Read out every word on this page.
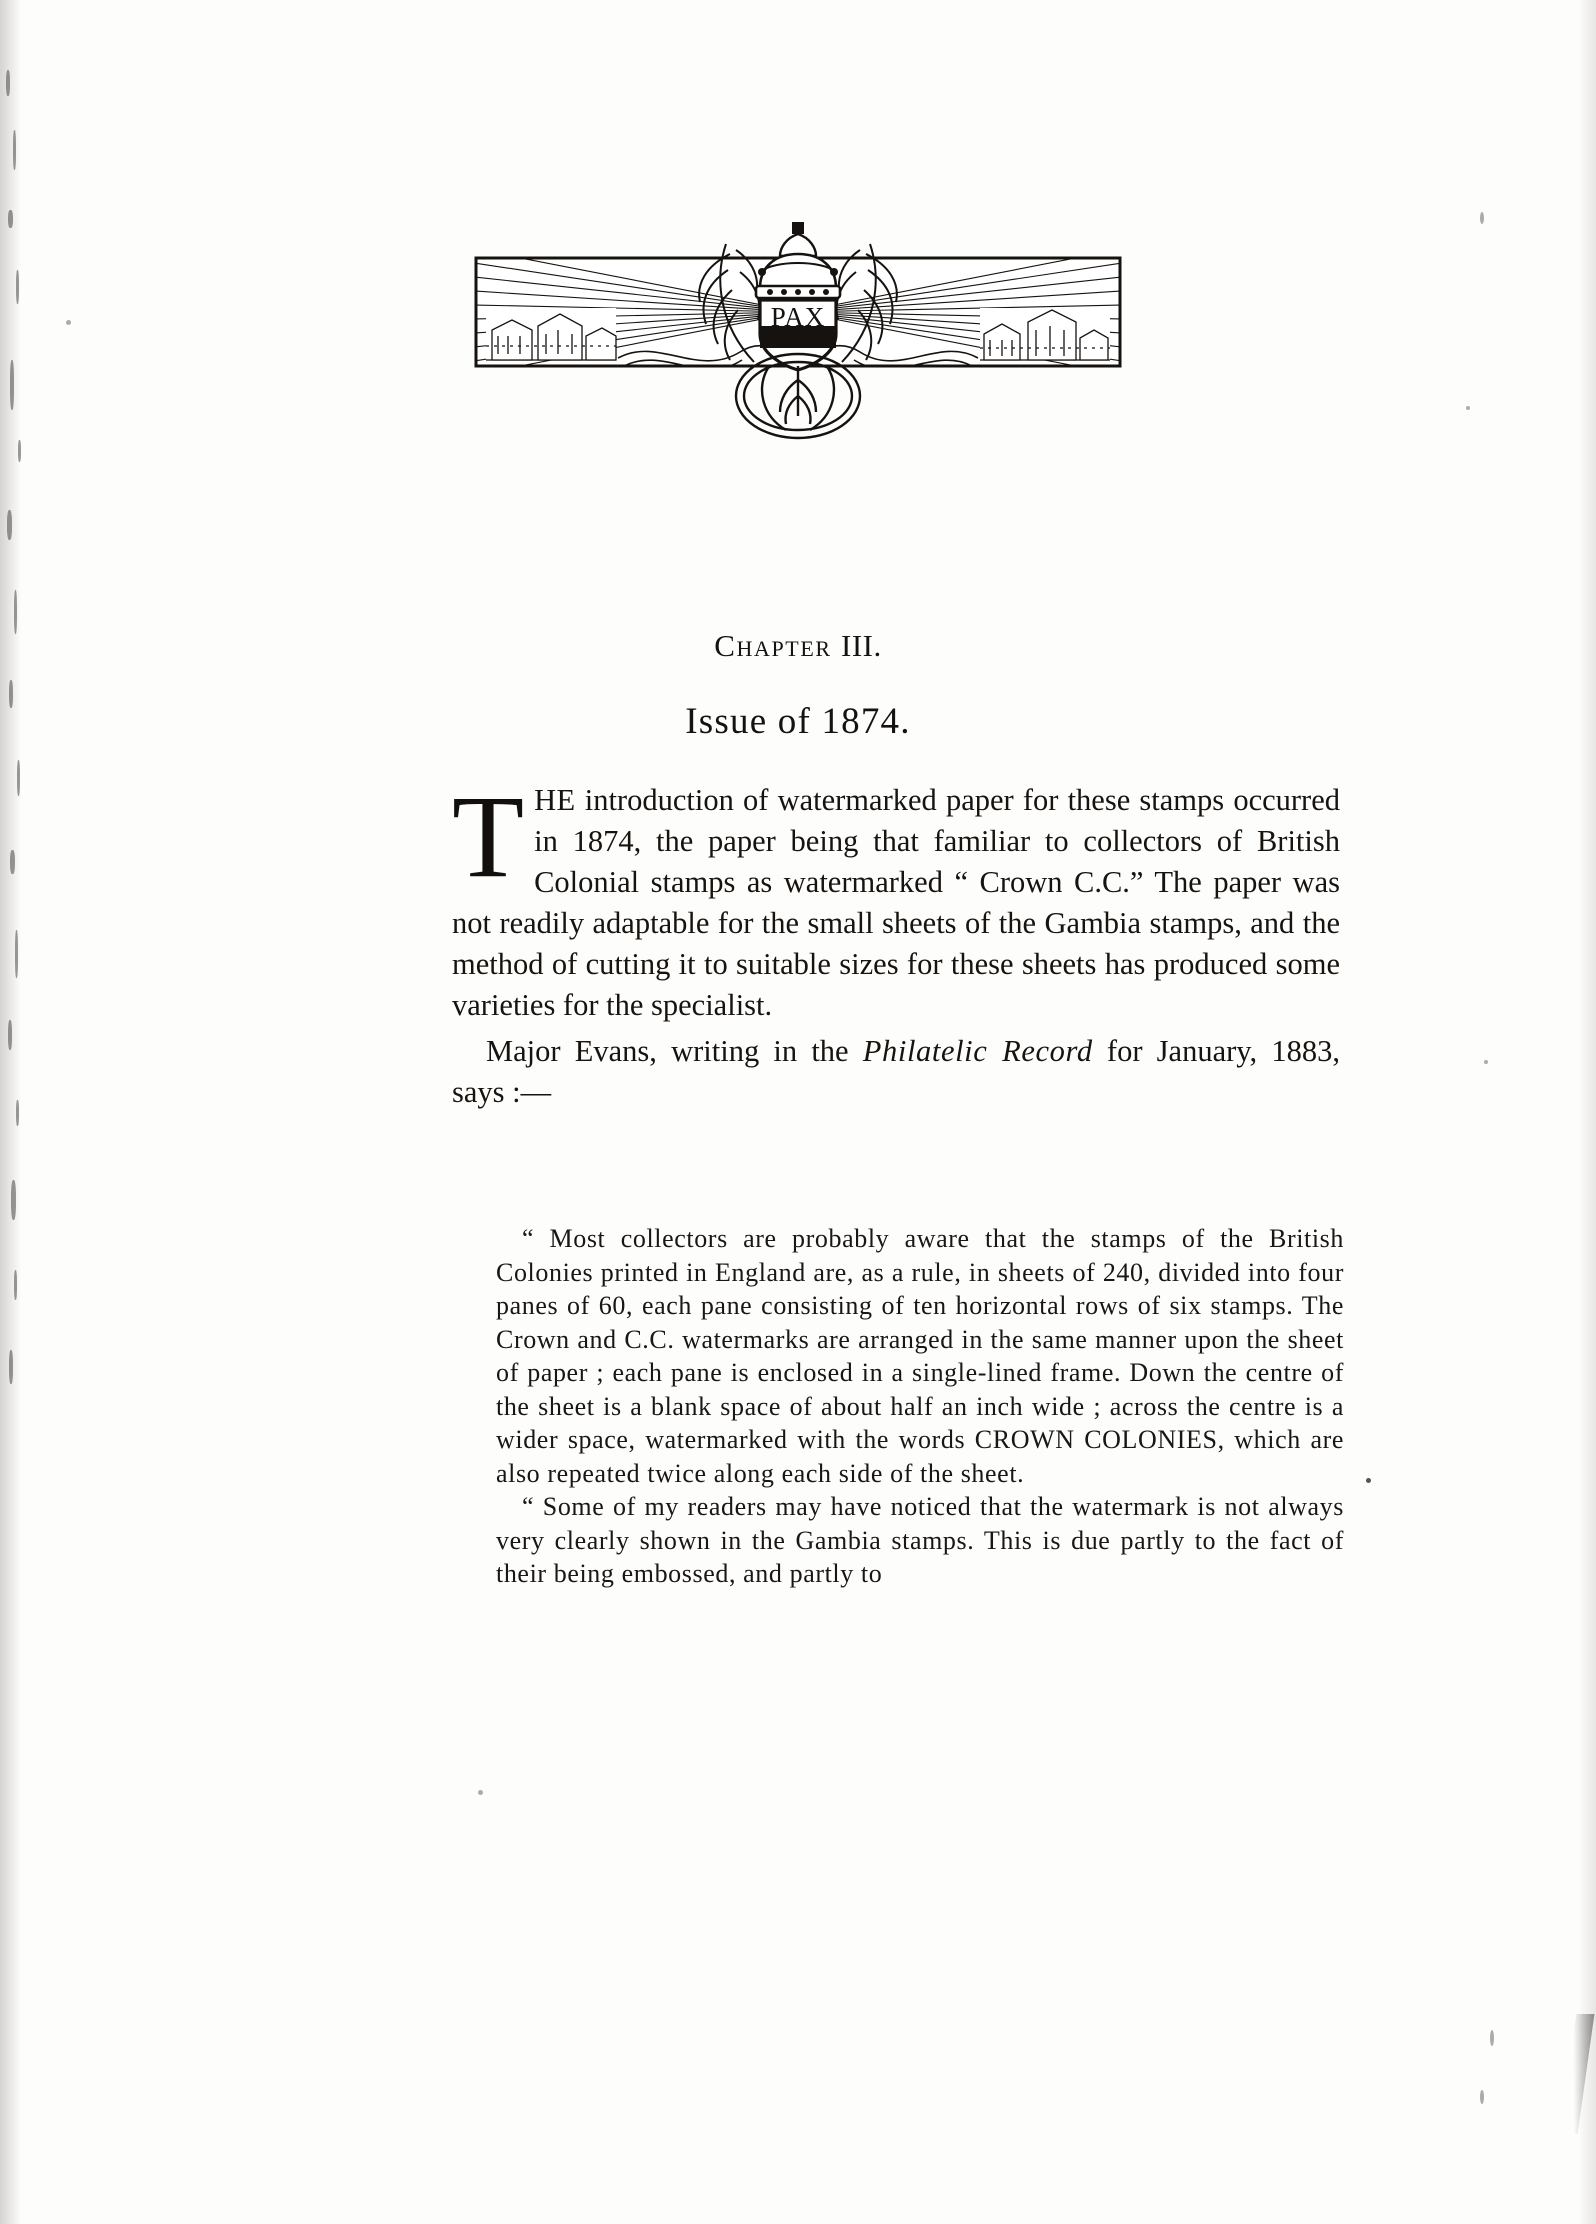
PAX
Chapter III.
Issue of 1874.

THE introduction of watermarked paper for these stamps occurred in 1874, the paper being that familiar to collectors of British Colonial stamps as watermarked “ Crown C.C.” The paper was not readily adaptable for the small sheets of the Gambia stamps, and the method of cutting it to suitable sizes for these sheets has produced some varieties for the specialist.

Major Evans, writing in the Philatelic Record for January, 1883, says :—

“ Most collectors are probably aware that the stamps of the British Colonies printed in England are, as a rule, in sheets of 240, divided into four panes of 60, each pane consisting of ten horizontal rows of six stamps. The Crown and C.C. watermarks are arranged in the same manner upon the sheet of paper ; each pane is enclosed in a single-lined frame. Down the centre of the sheet is a blank space of about half an inch wide ; across the centre is a wider space, watermarked with the words CROWN COLONIES, which are also repeated twice along each side of the sheet.

“ Some of my readers may have noticed that the watermark is not always very clearly shown in the Gambia stamps. This is due partly to the fact of their being embossed, and partly to
